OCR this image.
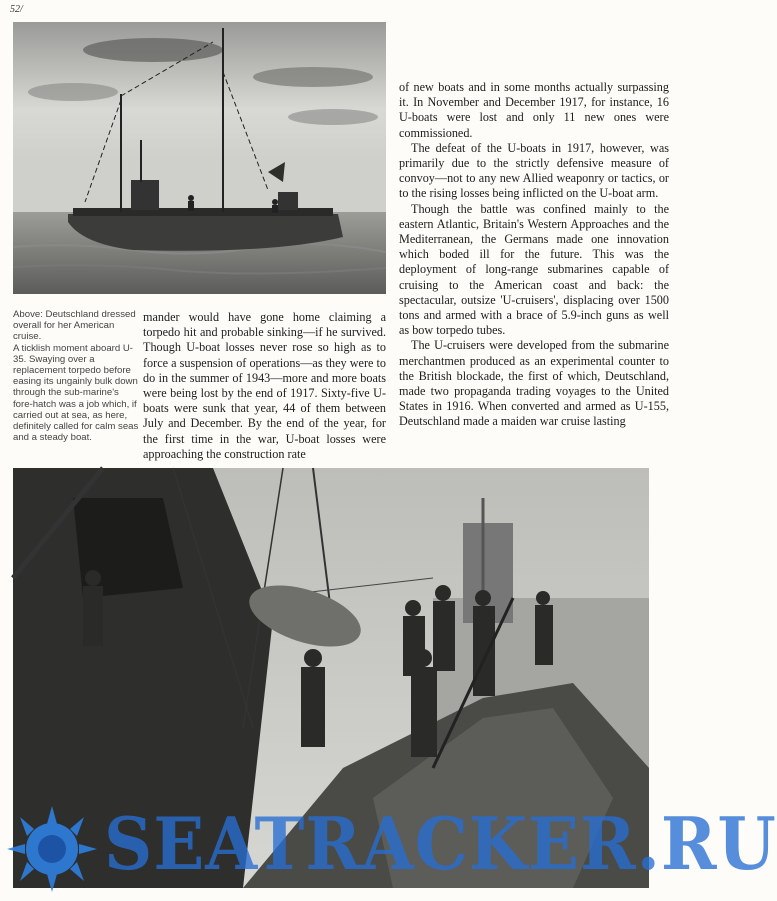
52/

Above: Deutschland dressed overall for her American cruise.

A ticklish moment aboard U-35. Swaying over a replacement torpedo before easing its ungainly bulk down through the sub-marine's fore-hatch was a job which, if carried out at sea, as here, definitely called for calm seas and a steady boat.

mander would have gone home claiming a torpedo hit and probable sinking—if he survived. Though U-boat losses never rose so high as to force a suspension of operations—as they were to do in the summer of 1943—more and more boats were being lost by the end of 1917. Sixty-five U-boats were sunk that year, 44 of them between July and December. By the end of the year, for the first time in the war, U-boat losses were approaching the construction rate

of new boats and in some months actually surpassing it. In November and December 1917, for instance, 16 U-boats were lost and only 11 new ones were commissioned.

The defeat of the U-boats in 1917, however, was primarily due to the strictly defensive measure of convoy—not to any new Allied weaponry or tactics, or to the rising losses being inflicted on the U-boat arm.

Though the battle was confined mainly to the eastern Atlantic, Britain's Western Approaches and the Mediterranean, the Germans made one innovation which boded ill for the future. This was the deployment of long-range submarines capable of cruising to the American coast and back: the spectacular, outsize 'U-cruisers', displacing over 1500 tons and armed with a brace of 5.9-inch guns as well as bow torpedo tubes.

The U-cruisers were developed from the submarine merchantmen produced as an experimental counter to the British blockade, the first of which, Deutschland, made two propaganda trading voyages to the United States in 1916. When converted and armed as U-155, Deutschland made a maiden war cruise lasting

SEATRACKER.RU
